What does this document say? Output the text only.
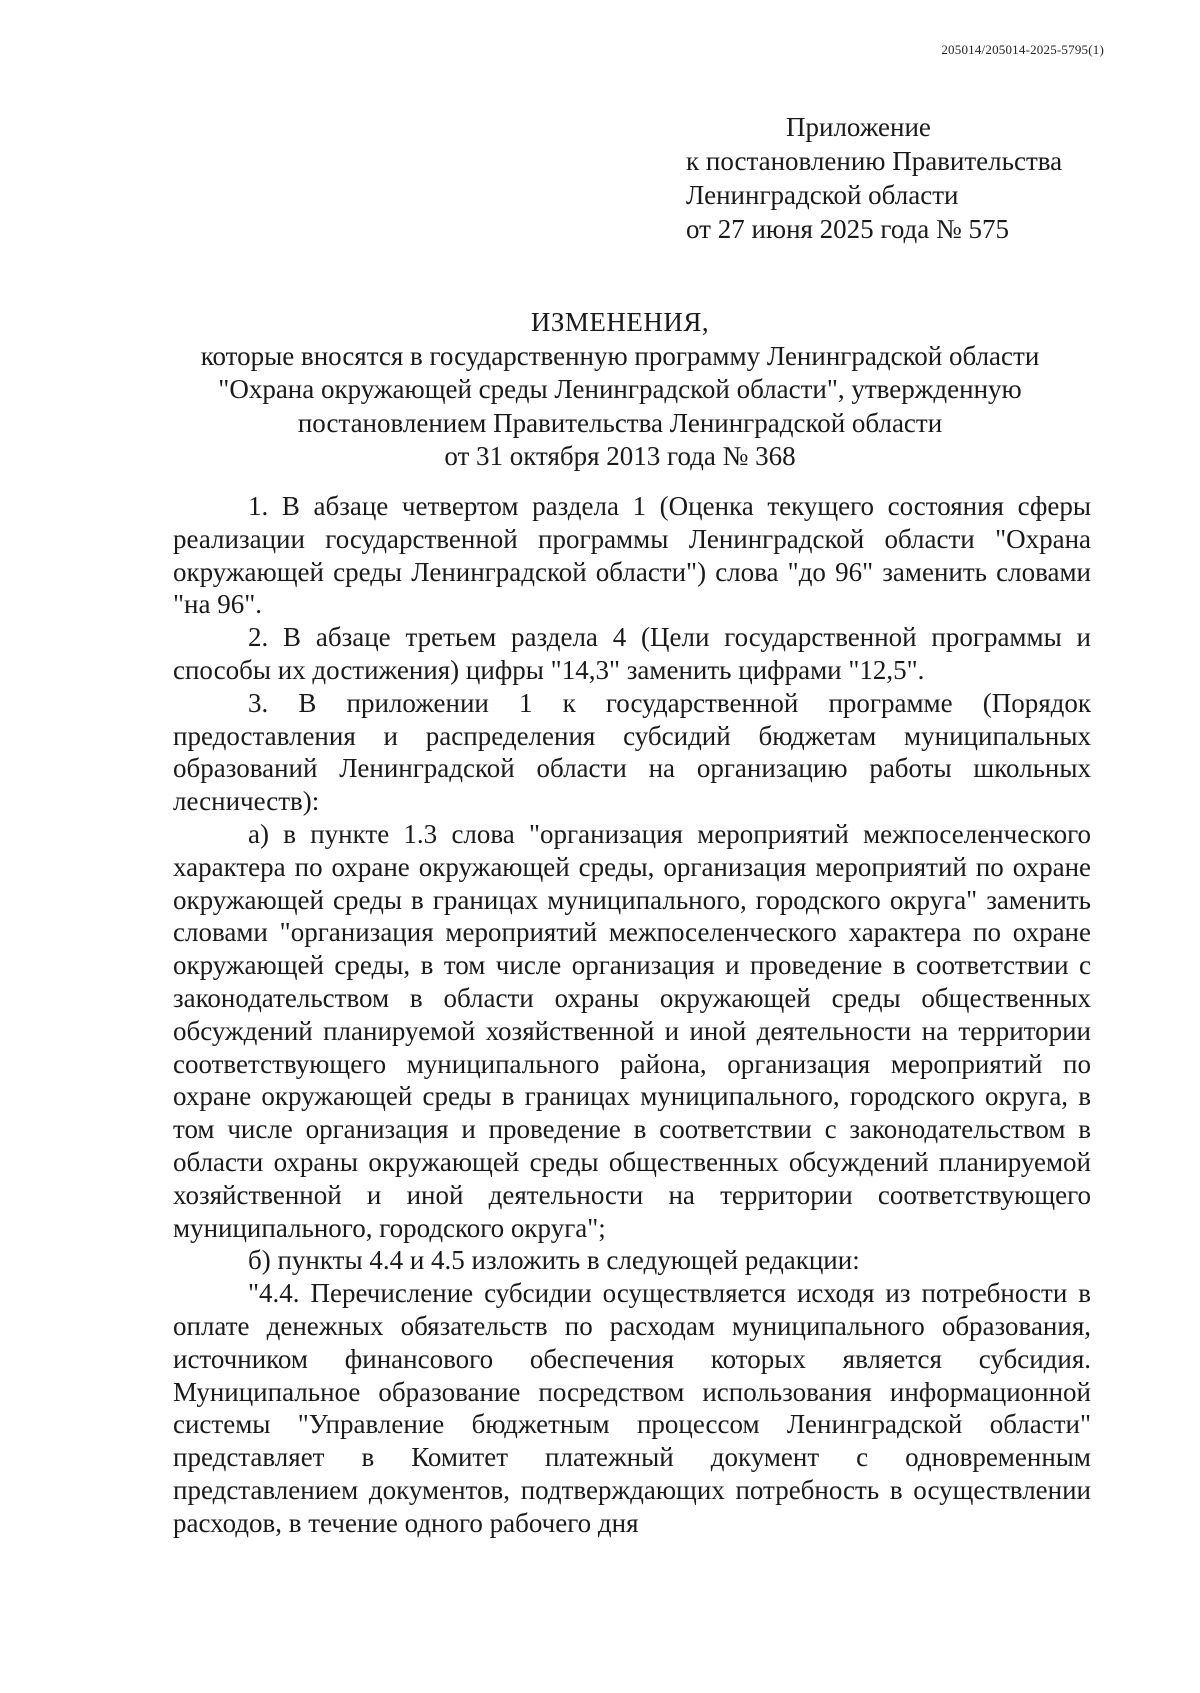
205014/205014-2025-5795(1)
Приложение
к постановлению Правительства
Ленинградской области
от 27 июня 2025 года № 575
ИЗМЕНЕНИЯ,
которые вносятся в государственную программу Ленинградской области
"Охрана окружающей среды Ленинградской области", утвержденную
постановлением Правительства Ленинградской области
от 31 октября 2013 года № 368

1. В абзаце четвертом раздела 1 (Оценка текущего состояния сферы реализации государственной программы Ленинградской области "Охрана окружающей среды Ленинградской области") слова "до 96" заменить словами "на 96".

2. В абзаце третьем раздела 4 (Цели государственной программы и способы их достижения) цифры "14,3" заменить цифрами "12,5".

3. В приложении 1 к государственной программе (Порядок предоставления и распределения субсидий бюджетам муниципальных образований Ленинградской области на организацию работы школьных лесничеств):

а) в пункте 1.3 слова "организация мероприятий межпоселенческого характера по охране окружающей среды, организация мероприятий по охране окружающей среды в границах муниципального, городского округа" заменить словами "организация мероприятий межпоселенческого характера по охране окружающей среды, в том числе организация и проведение в соответствии с законодательством в области охраны окружающей среды общественных обсуждений планируемой хозяйственной и иной деятельности на территории соответствующего муниципального района, организация мероприятий по охране окружающей среды в границах муниципального, городского округа, в том числе организация и проведение в соответствии с законодательством в области охраны окружающей среды общественных обсуждений планируемой хозяйственной и иной деятельности на территории соответствующего муниципального, городского округа";

б) пункты 4.4 и 4.5 изложить в следующей редакции:

"4.4. Перечисление субсидии осуществляется исходя из потребности в оплате денежных обязательств по расходам муниципального образования, источником финансового обеспечения которых является субсидия. Муниципальное образование посредством использования информационной системы "Управление бюджетным процессом Ленинградской области" представляет в Комитет платежный документ с одновременным представлением документов, подтверждающих потребность в осуществлении расходов, в течение одного рабочего дня
